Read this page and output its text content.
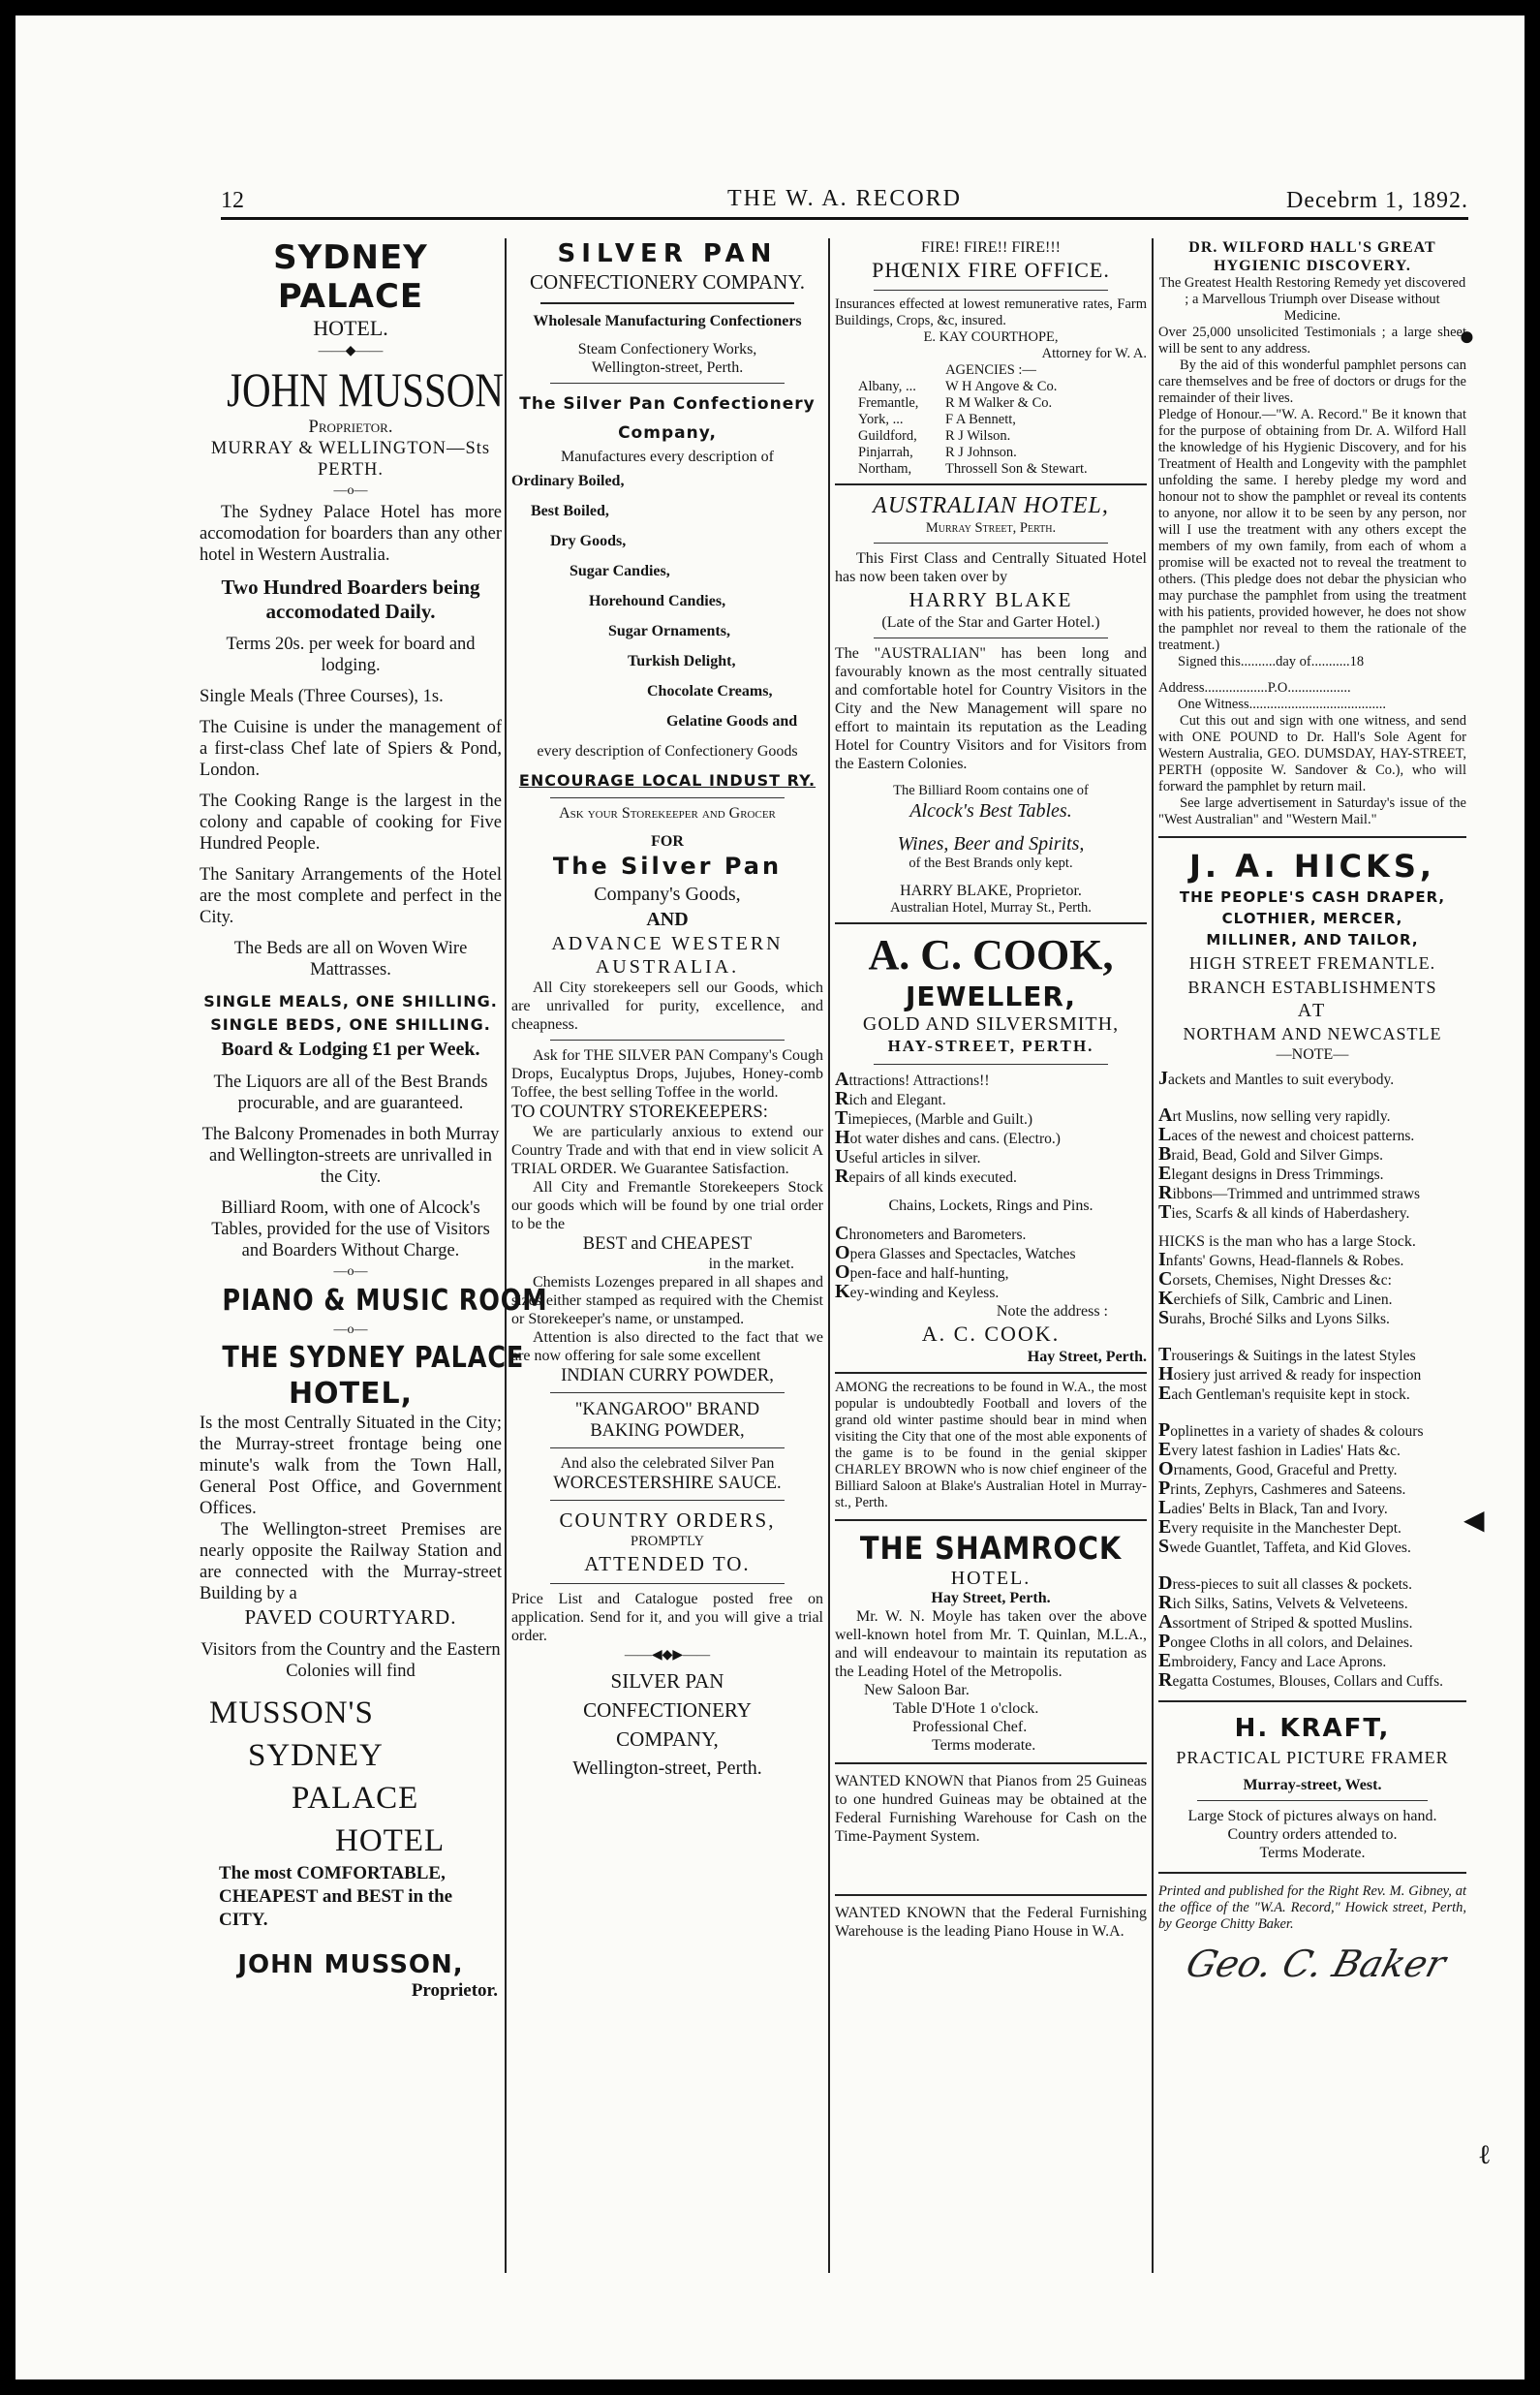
12	THE W. A. RECORD	Decebrm 1, 1892.

SYDNEY PALACE

HOTEL.

——◆——

JOHN MUSSON

Proprietor.

MURRAY & WELLINGTON—Sts PERTH.

—o—

The Sydney Palace Hotel has more accomodation for boarders than any other hotel in Western Australia.

Two Hundred Boarders being accomodated Daily.

Terms 20s. per week for board and lodging.

Single Meals (Three Courses), 1s.

The Cuisine is under the management of a first-class Chef late of Spiers & Pond, London.

The Cooking Range is the largest in the colony and capable of cooking for Five Hundred People.

The Sanitary Arrangements of the Hotel are the most complete and perfect in the City.

The Beds are all on Woven Wire Mattrasses.

SINGLE MEALS, ONE SHILLING.

SINGLE BEDS, ONE SHILLING.

Board & Lodging £1 per Week.

The Liquors are all of the Best Brands procurable, and are guaranteed.

The Balcony Promenades in both Murray and Wellington-streets are unrivalled in the City.

Billiard Room, with one of Alcock's Tables, provided for the use of Visitors and Boarders Without Charge.

—o—

PIANO & MUSIC ROOM

—o—

THE SYDNEY PALACE

HOTEL,

Is the most Centrally Situated in the City; the Murray-street frontage being one minute's walk from the Town Hall, General Post Office, and Government Offices.

The Wellington-street Premises are nearly opposite the Railway Station and are connected with the Murray-street Building by a

PAVED COURTYARD.

Visitors from the Country and the Eastern Colonies will find

MUSSON'S

SYDNEY

PALACE

HOTEL

The most COMFORTABLE, CHEAPEST and BEST in the CITY.

JOHN MUSSON,

Proprietor.

SILVER PAN

CONFECTIONERY COMPANY.

Wholesale Manufacturing Confectioners

Steam Confectionery Works, Wellington-street, Perth.

The Silver Pan Confectionery Company,

Manufactures every description of

Ordinary Boiled,

Best Boiled,

Dry Goods,

Sugar Candies,

Horehound Candies,

Sugar Ornaments,

Turkish Delight,

Chocolate Creams,

Gelatine Goods and

every description of Confectionery Goods

ENCOURAGE LOCAL INDUST RY.

Ask your Storekeeper and Grocer

FOR

The Silver Pan

Company's Goods,

AND

ADVANCE WESTERN AUSTRALIA.

All City storekeepers sell our Goods, which are unrivalled for purity, excellence, and cheapness.

Ask for THE SILVER PAN Company's Cough Drops, Eucalyptus Drops, Jujubes, Honey-comb Toffee, the best selling Toffee in the world.

TO COUNTRY STOREKEEPERS:

We are particularly anxious to extend our Country Trade and with that end in view solicit A TRIAL ORDER. We Guarantee Satisfaction.

All City and Fremantle Storekeepers Stock our goods which will be found by one trial order to be the

BEST and CHEAPEST

in the market.

Chemists Lozenges prepared in all shapes and sizes either stamped as required with the Chemist or Storekeeper's name, or unstamped.

Attention is also directed to the fact that we are now offering for sale some excellent

INDIAN CURRY POWDER,

"KANGAROO" BRAND

BAKING POWDER,

And also the celebrated Silver Pan

WORCESTERSHIRE SAUCE.

COUNTRY ORDERS,

PROMPTLY

ATTENDED TO.

Price List and Catalogue posted free on application. Send for it, and you will give a trial order.

——◀◆▶——

SILVER PAN

CONFECTIONERY

COMPANY,

Wellington-street, Perth.

FIRE! FIRE!! FIRE!!!

PHŒNIX FIRE OFFICE.

Insurances effected at lowest remunerative rates, Farm Buildings, Crops, &c, insured.

E. KAY COURTHOPE,

Attorney for W. A.

AGENCIES :—

Albany, ...	W H Angove & Co.
Fremantle,	R M Walker & Co.
York, ...	F A Bennett,
Guildford,	R J Wilson.
Pinjarrah,	R J Johnson.
Northam,	Throssell Son & Stewart.

AUSTRALIAN HOTEL,

Murray Street, Perth.

This First Class and Centrally Situated Hotel has now been taken over by

HARRY BLAKE

(Late of the Star and Garter Hotel.)

The "AUSTRALIAN" has been long and favourably known as the most centrally situated and comfortable hotel for Country Visitors in the City and the New Management will spare no effort to maintain its reputation as the Leading Hotel for Country Visitors and for Visitors from the Eastern Colonies.

The Billiard Room contains one of

Alcock's Best Tables.

Wines, Beer and Spirits,

of the Best Brands only kept.

HARRY BLAKE, Proprietor.

Australian Hotel, Murray St., Perth.

A. C. COOK,

JEWELLER,

GOLD AND SILVERSMITH,

HAY-STREET, PERTH.

Attractions! Attractions!!

Rich and Elegant.

Timepieces, (Marble and Guilt.)

Hot water dishes and cans. (Electro.)

Useful articles in silver.

Repairs of all kinds executed.

Chains, Lockets, Rings and Pins.

Chronometers and Barometers.

Opera Glasses and Spectacles, Watches

Open-face and half-hunting,

Key-winding and Keyless.

Note the address :

A. C. COOK.

Hay Street, Perth.

AMONG the recreations to be found in W.A., the most popular is undoubtedly Football and lovers of the grand old winter pastime should bear in mind when visiting the City that one of the most able exponents of the game is to be found in the genial skipper CHARLEY BROWN who is now chief engineer of the Billiard Saloon at Blake's Australian Hotel in Murray-st., Perth.

THE SHAMROCK

HOTEL.

Hay Street, Perth.

Mr. W. N. Moyle has taken over the above well-known hotel from Mr. T. Quinlan, M.L.A., and will endeavour to maintain its reputation as the Leading Hotel of the Metropolis.

New Saloon Bar.

Table D'Hote 1 o'clock.

Professional Chef.

Terms moderate.

WANTED KNOWN that Pianos from 25 Guineas to one hundred Guineas may be obtained at the Federal Furnishing Warehouse for Cash on the Time-Payment System.

WANTED KNOWN that the Federal Furnishing Warehouse is the leading Piano House in W.A.

DR. WILFORD HALL'S GREAT HYGIENIC DISCOVERY.

The Greatest Health Restoring Remedy yet discovered ; a Marvellous Triumph over Disease without Medicine.

Over 25,000 unsolicited Testimonials ; a large sheet will be sent to any address.

By the aid of this wonderful pamphlet persons can care themselves and be free of doctors or drugs for the remainder of their lives.

Pledge of Honour.—"W. A. Record." Be it known that for the purpose of obtaining from Dr. A. Wilford Hall the knowledge of his Hygienic Discovery, and for his Treatment of Health and Longevity with the pamphlet unfolding the same. I hereby pledge my word and honour not to show the pamphlet or reveal its contents to anyone, nor allow it to be seen by any person, nor will I use the treatment with any others except the members of my own family, from each of whom a promise will be exacted not to reveal the treatment to others. (This pledge does not debar the physician who may purchase the pamphlet from using the treatment with his patients, provided however, he does not show the pamphlet nor reveal to them the rationale of the treatment.)

Signed this..........day of...........18

Address..................P.O..................

One Witness.......................................

Cut this out and sign with one witness, and send with ONE POUND to Dr. Hall's Sole Agent for Western Australia, GEO. DUMSDAY, HAY-STREET, PERTH (opposite W. Sandover & Co.), who will forward the pamphlet by return mail.

See large advertisement in Saturday's issue of the "West Australian" and "Western Mail."

J. A. HICKS,

THE PEOPLE'S CASH DRAPER,

CLOTHIER, MERCER,

MILLINER, AND TAILOR,

HIGH STREET FREMANTLE.

BRANCH ESTABLISHMENTS

AT

NORTHAM AND NEWCASTLE

—NOTE—

Jackets and Mantles to suit everybody.

Art Muslins, now selling very rapidly.

Laces of the newest and choicest patterns.

Braid, Bead, Gold and Silver Gimps.

Elegant designs in Dress Trimmings.

Ribbons—Trimmed and untrimmed straws

Ties, Scarfs & all kinds of Haberdashery.

HICKS is the man who has a large Stock.

Infants' Gowns, Head-flannels & Robes.

Corsets, Chemises, Night Dresses &c:

Kerchiefs of Silk, Cambric and Linen.

Surahs, Broché Silks and Lyons Silks.

Trouserings & Suitings in the latest Styles

Hosiery just arrived & ready for inspection

Each Gentleman's requisite kept in stock.

Poplinettes in a variety of shades & colours

Every latest fashion in Ladies' Hats &c.

Ornaments, Good, Graceful and Pretty.

Prints, Zephyrs, Cashmeres and Sateens.

Ladies' Belts in Black, Tan and Ivory.

Every requisite in the Manchester Dept.

Swede Guantlet, Taffeta, and Kid Gloves.

Dress-pieces to suit all classes & pockets.

Rich Silks, Satins, Velvets & Velveteens.

Assortment of Striped & spotted Muslins.

Pongee Cloths in all colors, and Delaines.

Embroidery, Fancy and Lace Aprons.

Regatta Costumes, Blouses, Collars and Cuffs.

H. KRAFT,

PRACTICAL PICTURE FRAMER

Murray-street, West.

Large Stock of pictures always on hand.

Country orders attended to.

Terms Moderate.

Printed and published for the Right Rev. M. Gibney, at the office of the "W.A. Record," Howick street, Perth, by George Chitty Baker.

Geo. C. Baker

●
◀
ℓ
